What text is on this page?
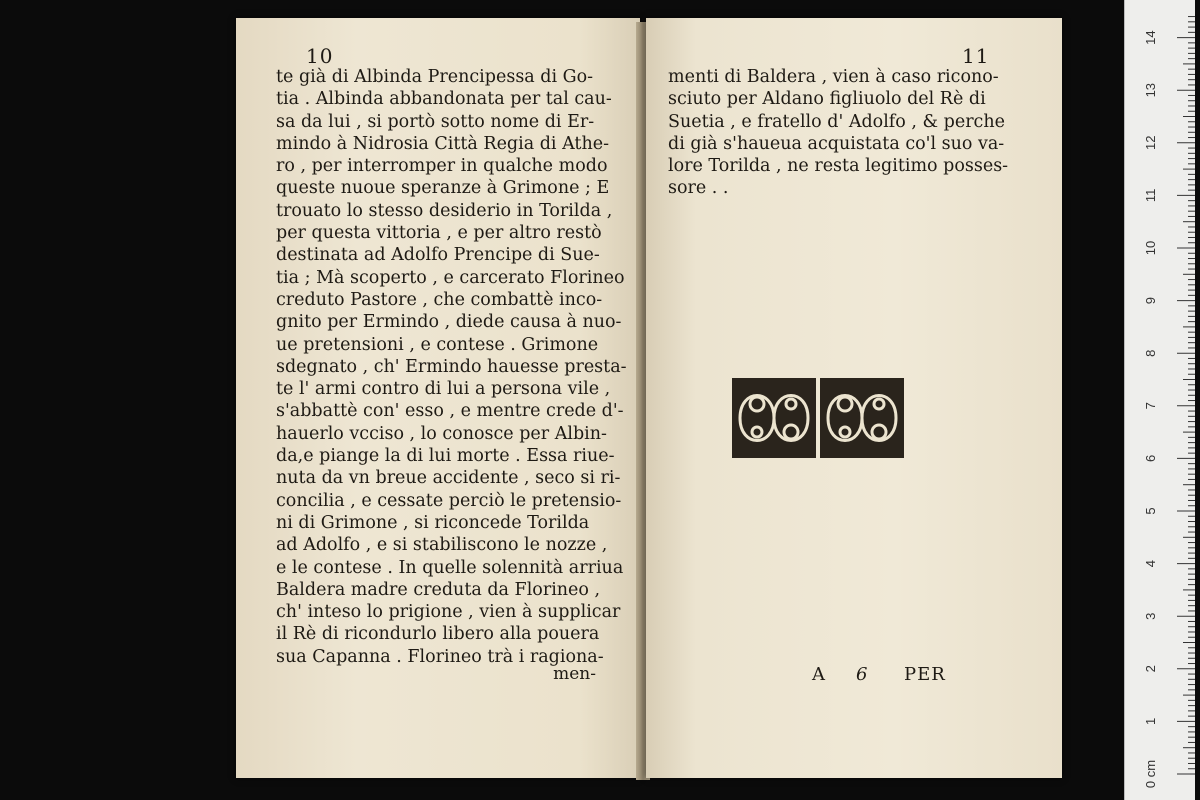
10
te già di Albinda Prencipessa di Go-
tia . Albinda abbandonata per tal cau-
sa da lui , si portò sotto nome di Er-
mindo à Nidrosia Città Regia di Athe-
ro , per interromper in qualche modo
queste nuoue speranze à Grimone ; E
trouato lo stesso desiderio in Torilda ,
per questa vittoria , e per altro restò
destinata ad Adolfo Prencipe di Sue-
tia ; Mà scoperto , e carcerato Florineo
creduto Pastore , che combattè inco-
gnito per Ermindo , diede causa à nuo-
ue pretensioni , e contese . Grimone
sdegnato , ch' Ermindo hauesse presta-
te l' armi contro di lui a persona vile ,
s'abbattè con' esso , e mentre crede d'-
hauerlo vcciso , lo conosce per Albin-
da,e piange la di lui morte . Essa riue-
nuta da vn breue accidente , seco si ri-
concilia , e cessate perciò le pretensio-
ni di Grimone , si riconcede Torilda
ad Adolfo , e si stabiliscono le nozze ,
e le contese . In quelle solennità arriua
Baldera madre creduta da Florineo ,
ch' inteso lo prigione , vien à supplicar
il Rè di ricondurlo libero alla pouera
sua Capanna . Florineo trà i ragiona-
men-
11
menti di Baldera , vien à caso ricono-
sciuto per Aldano figliuolo del Rè di
Suetia , e fratello d' Adolfo , & perche
di già s'haueua acquistata co'l suo va-
lore Torilda , ne resta legitimo posses-
sore . .
A 6 PER
0 cm
1
2
3
4
5
6
7
8
9
10
11
12
13
14
